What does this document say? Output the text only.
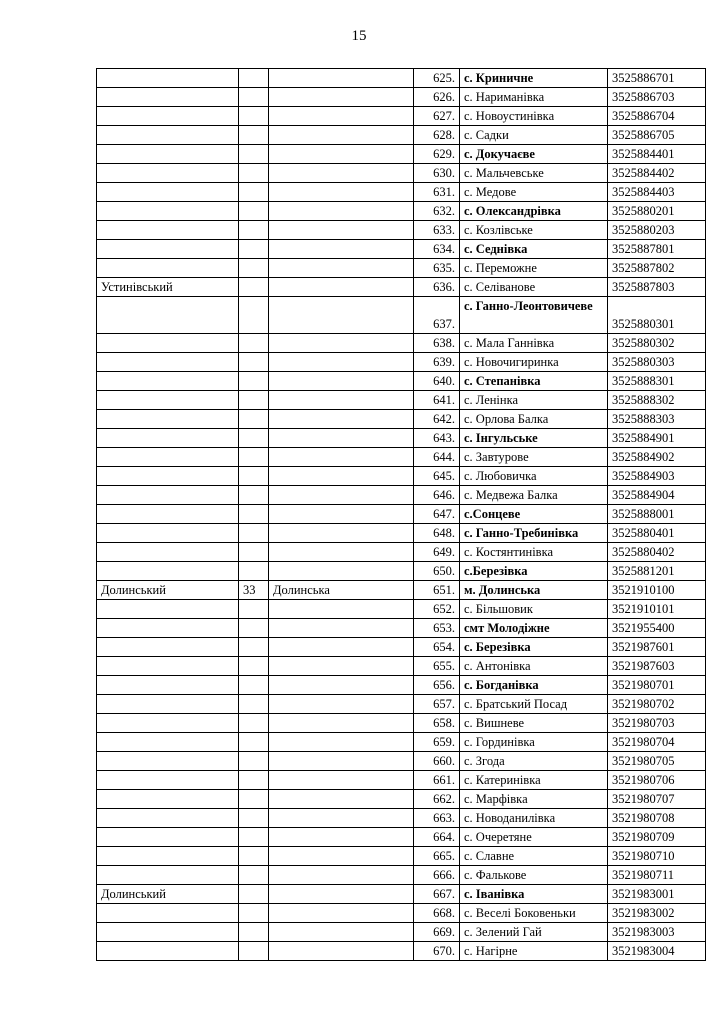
15
			625.	с. Криничне	3525886701
			626.	с. Нариманівка	3525886703
			627.	с. Новоустинівка	3525886704
			628.	с. Садки	3525886705
			629.	с. Докучаєве	3525884401
			630.	с. Мальчевське	3525884402
			631.	с. Медове	3525884403
			632.	с. Олександрівка	3525880201
			633.	с. Козлівське	3525880203
			634.	с. Седнівка	3525887801
			635.	с. Переможне	3525887802
Устинівський			636.	с. Селіванове	3525887803
			637.	с. Ганно-Леонтовичеве	3525880301
			638.	с. Мала Ганнівка	3525880302
			639.	с. Новочигиринка	3525880303
			640.	с. Степанівка	3525888301
			641.	с. Ленінка	3525888302
			642.	с. Орлова Балка	3525888303
			643.	с. Інгульське	3525884901
			644.	с. Завтурове	3525884902
			645.	с. Любовичка	3525884903
			646.	с. Медвежа Балка	3525884904
			647.	с.Сонцеве	3525888001
			648.	с. Ганно-Требинівка	3525880401
			649.	с. Костянтинівка	3525880402
			650.	с.Березівка	3525881201
Долинський	33	Долинська	651.	м. Долинська	3521910100
			652.	с. Більшовик	3521910101
			653.	смт Молодіжне	3521955400
			654.	с. Березівка	3521987601
			655.	с. Антонівка	3521987603
			656.	с. Богданівка	3521980701
			657.	с. Братський Посад	3521980702
			658.	с. Вишневе	3521980703
			659.	с. Гординівка	3521980704
			660.	с. Згода	3521980705
			661.	с. Катеринівка	3521980706
			662.	с. Марфівка	3521980707
			663.	с. Новоданилівка	3521980708
			664.	с. Очеретяне	3521980709
			665.	с. Славне	3521980710
			666.	с. Фалькове	3521980711
Долинський			667.	с. Іванівка	3521983001
			668.	с. Веселі Боковеньки	3521983002
			669.	с. Зелений Гай	3521983003
			670.	с. Нагірне	3521983004
